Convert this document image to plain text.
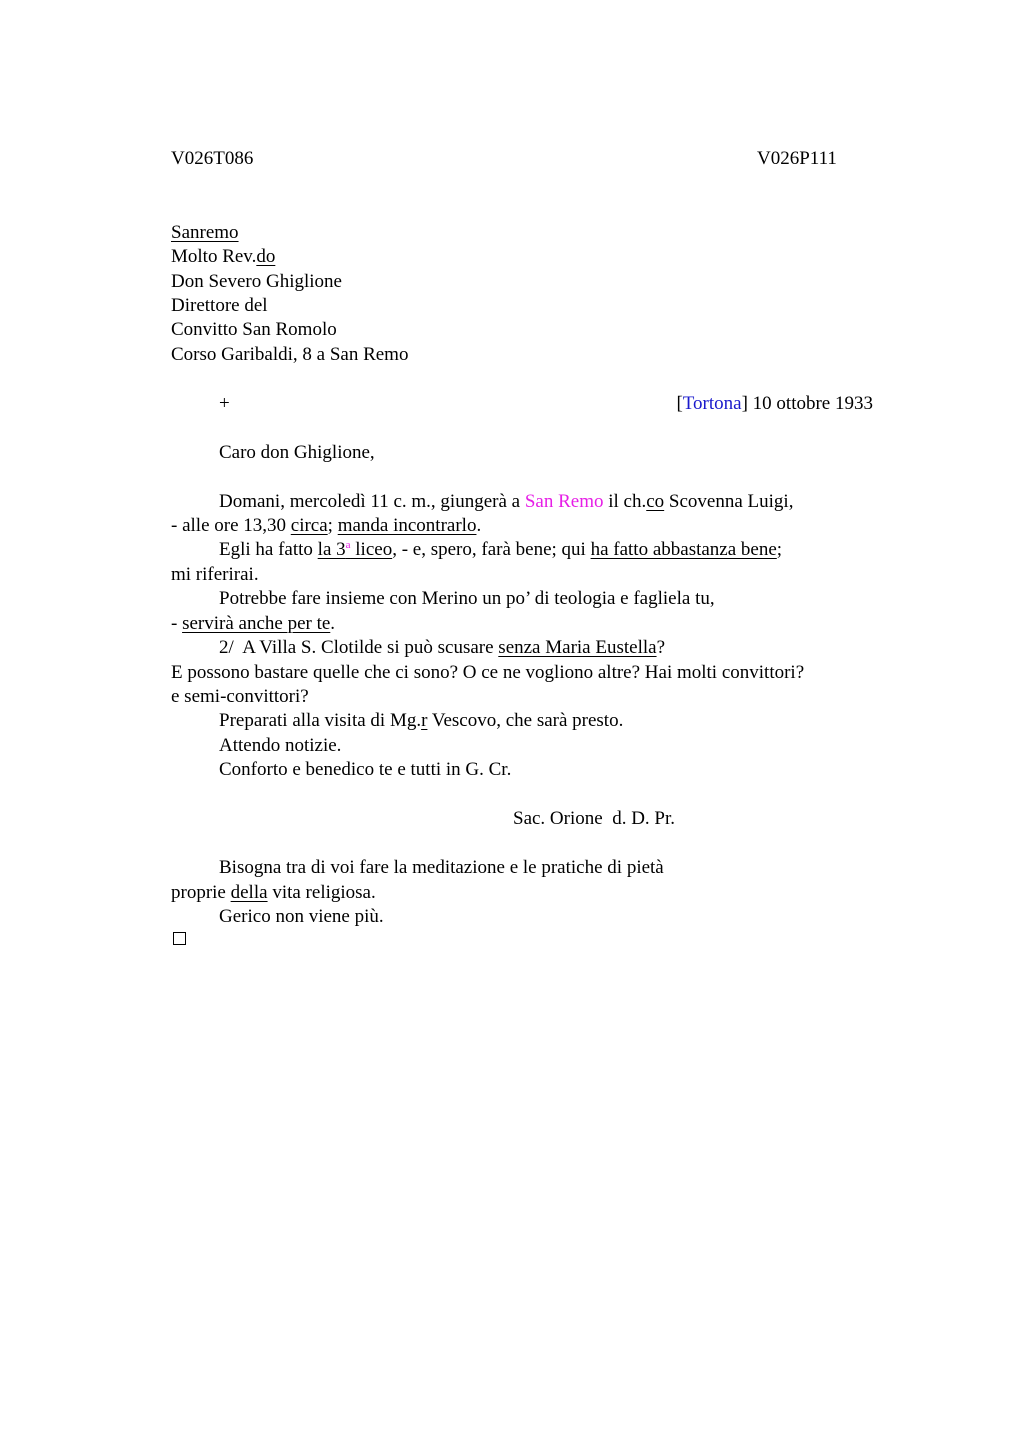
V026T086	V026P111
Sanremo
Molto Rev.do
Don Severo Ghiglione
Direttore del
Convitto San Romolo
Corso Garibaldi, 8 a San Remo
+	[Tortona] 10 ottobre 1933
Caro don Ghiglione,
Domani, mercoledì 11 c. m., giungerà a San Remo il ch.co Scovenna Luigi,
- alle ore 13,30 circa; manda incontrarlo.
Egli ha fatto la 3$^a$ liceo, - e, spero, farà bene; qui ha fatto abbastanza bene;
mi riferirai.
Potrebbe fare insieme con Merino un po’ di teologia e fagliela tu,
- servirà anche per te.
2/  A Villa S. Clotilde si può scusare senza Maria Eustella?
E possono bastare quelle che ci sono? O ce ne vogliono altre? Hai molti convittori?
e semi-convittori?
Preparati alla visita di Mg.r Vescovo, che sarà presto.
Attendo notizie.
Conforto e benedico te e tutti in G. Cr.
Sac. Orione  d. D. Pr.
Bisogna tra di voi fare la meditazione e le pratiche di pietà
proprie della vita religiosa.
Gerico non viene più.
